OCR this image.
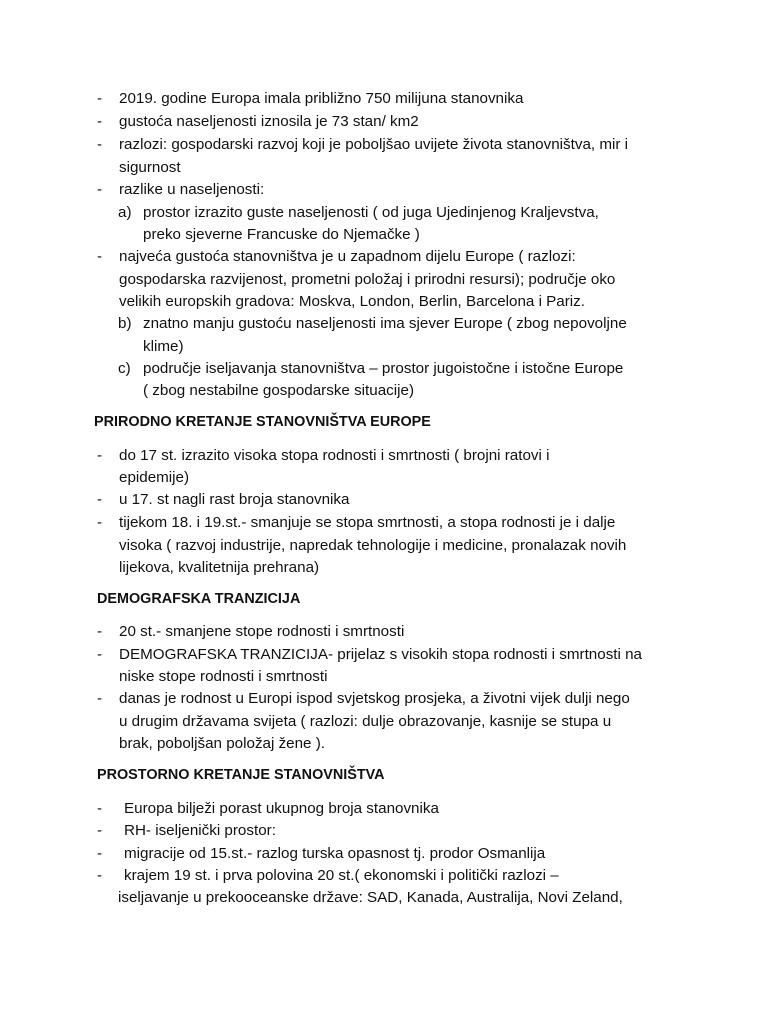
- 2019. godine Europa imala približno 750 milijuna stanovnika
- gustoća naseljenosti iznosila je 73 stan/ km2
- razlozi: gospodarski razvoj koji je poboljšao uvijete života stanovništva, mir i
sigurnost
- razlike u naseljenosti:
a) prostor izrazito guste naseljenosti ( od juga Ujedinjenog Kraljevstva,
preko sjeverne Francuske do Njemačke )
- najveća gustoća stanovništva je u zapadnom dijelu Europe ( razlozi:
gospodarska razvijenost, prometni položaj i prirodni resursi); područje oko
velikih europskih gradova: Moskva, London, Berlin, Barcelona i Pariz.
b) znatno manju gustoću naseljenosti ima sjever Europe ( zbog nepovoljne
klime)
c) područje iseljavanja stanovništva – prostor jugoistočne i istočne Europe
( zbog nestabilne gospodarske situacije)
PRIRODNO KRETANJE STANOVNIŠTVA EUROPE
- do 17 st. izrazito visoka stopa rodnosti i smrtnosti ( brojni ratovi i
epidemije)
- u 17. st nagli rast broja stanovnika
- tijekom 18. i 19.st.- smanjuje se stopa smrtnosti, a stopa rodnosti je i dalje
visoka ( razvoj industrije, napredak tehnologije i medicine, pronalazak novih
lijekova, kvalitetnija prehrana)
DEMOGRAFSKA TRANZICIJA
- 20 st.- smanjene stope rodnosti i smrtnosti
- DEMOGRAFSKA TRANZICIJA- prijelaz s visokih stopa rodnosti i smrtnosti na
niske stope rodnosti i smrtnosti
- danas je rodnost u Europi ispod svjetskog prosjeka, a životni vijek dulji nego
u drugim državama svijeta ( razlozi: dulje obrazovanje, kasnije se stupa u
brak, poboljšan položaj žene ).
PROSTORNO KRETANJE STANOVNIŠTVA
- Europa bilježi porast ukupnog broja stanovnika
- RH- iseljenički prostor:
- migracije od 15.st.- razlog turska opasnost tj. prodor Osmanlija
- krajem 19 st. i prva polovina 20 st.( ekonomski i politički razlozi –
iseljavanje u prekooceanske države: SAD, Kanada, Australija, Novi Zeland,
